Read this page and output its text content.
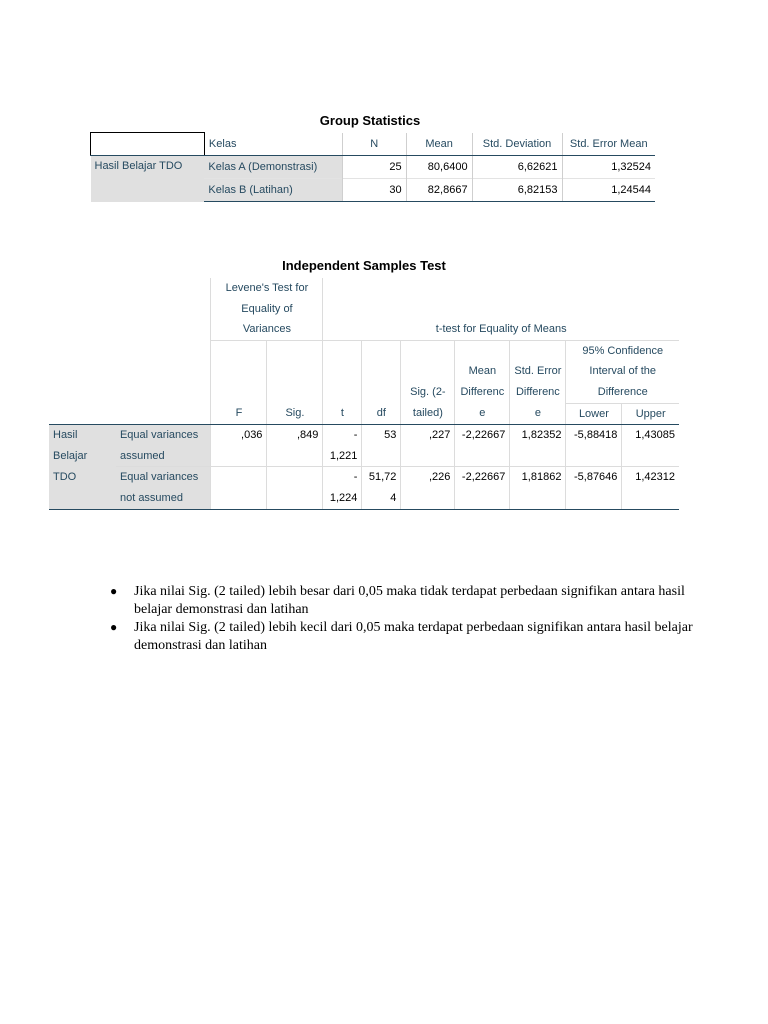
Group Statistics
	Kelas	N	Mean	Std. Deviation	Std. Error Mean
Hasil Belajar TDO	Kelas A (Demonstrasi)	25	80,6400	6,62621	1,32524
	Kelas B (Latihan)	30	82,8667	6,82153	1,24544
Independent Samples Test
		Levene's Test for								
		Equality of								
		Variances		t-test for Equality of Means						
									95% Confidence	
							Mean	Std. Error	Interval of the	
						Sig. (2-	Differenc	Differenc	Difference	
		F	Sig.	t	df	tailed)	e	e	Lower	Upper
Hasil	Equal variances	,036	,849	-	53	,227	-2,22667	1,82352	-5,88418	1,43085
Belajar	assumed			1,221						
TDO	Equal variances			-	51,72	,226	-2,22667	1,81862	-5,87646	1,42312
	not assumed			1,224	4					
●	Jika nilai Sig. (2 tailed) lebih besar dari 0,05 maka tidak terdapat perbedaan signifikan antara hasil belajar demonstrasi dan latihan
●	Jika nilai Sig. (2 tailed) lebih kecil dari 0,05 maka terdapat perbedaan signifikan antara hasil belajar demonstrasi dan latihan
